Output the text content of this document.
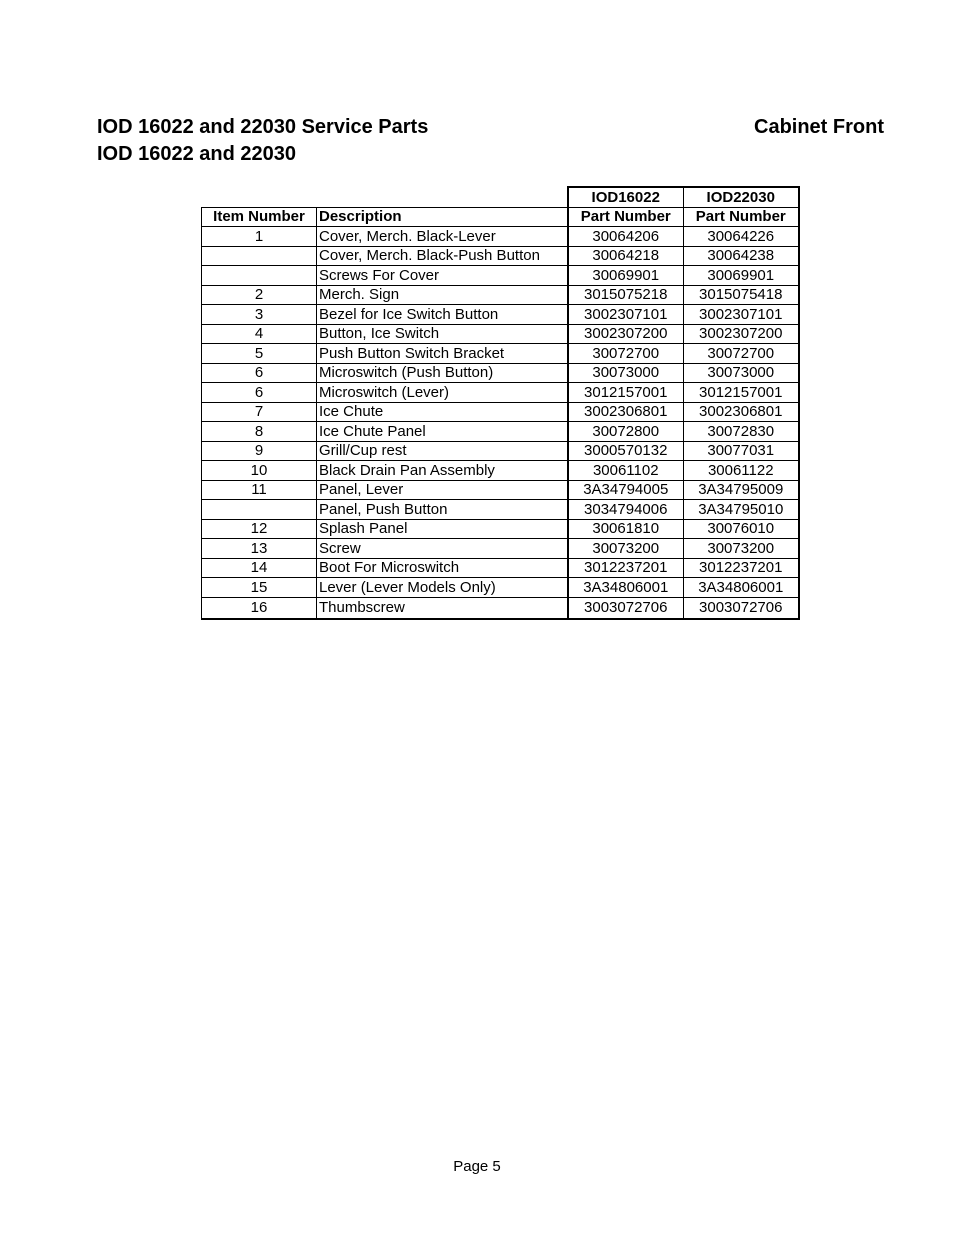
IOD 16022 and 22030 Service Parts
IOD 16022 and 22030
Cabinet Front
		IOD16022	IOD22030
Item Number	Description	Part Number	Part Number
1	Cover, Merch. Black-Lever	30064206	30064226
	Cover, Merch. Black-Push Button	30064218	30064238
	Screws For Cover	30069901	30069901
2	Merch. Sign	3015075218	3015075418
3	Bezel for Ice Switch Button	3002307101	3002307101
4	Button, Ice Switch	3002307200	3002307200
5	Push Button Switch Bracket	30072700	30072700
6	Microswitch (Push Button)	30073000	30073000
6	Microswitch (Lever)	3012157001	3012157001
7	Ice Chute	3002306801	3002306801
8	Ice Chute Panel	30072800	30072830
9	Grill/Cup rest	3000570132	30077031
10	Black Drain Pan Assembly	30061102	30061122
11	Panel, Lever	3A34794005	3A34795009
	Panel, Push Button	3034794006	3A34795010
12	Splash Panel	30061810	30076010
13	Screw	30073200	30073200
14	Boot For Microswitch	3012237201	3012237201
15	Lever (Lever Models Only)	3A34806001	3A34806001
16	Thumbscrew	3003072706	3003072706
Page 5
